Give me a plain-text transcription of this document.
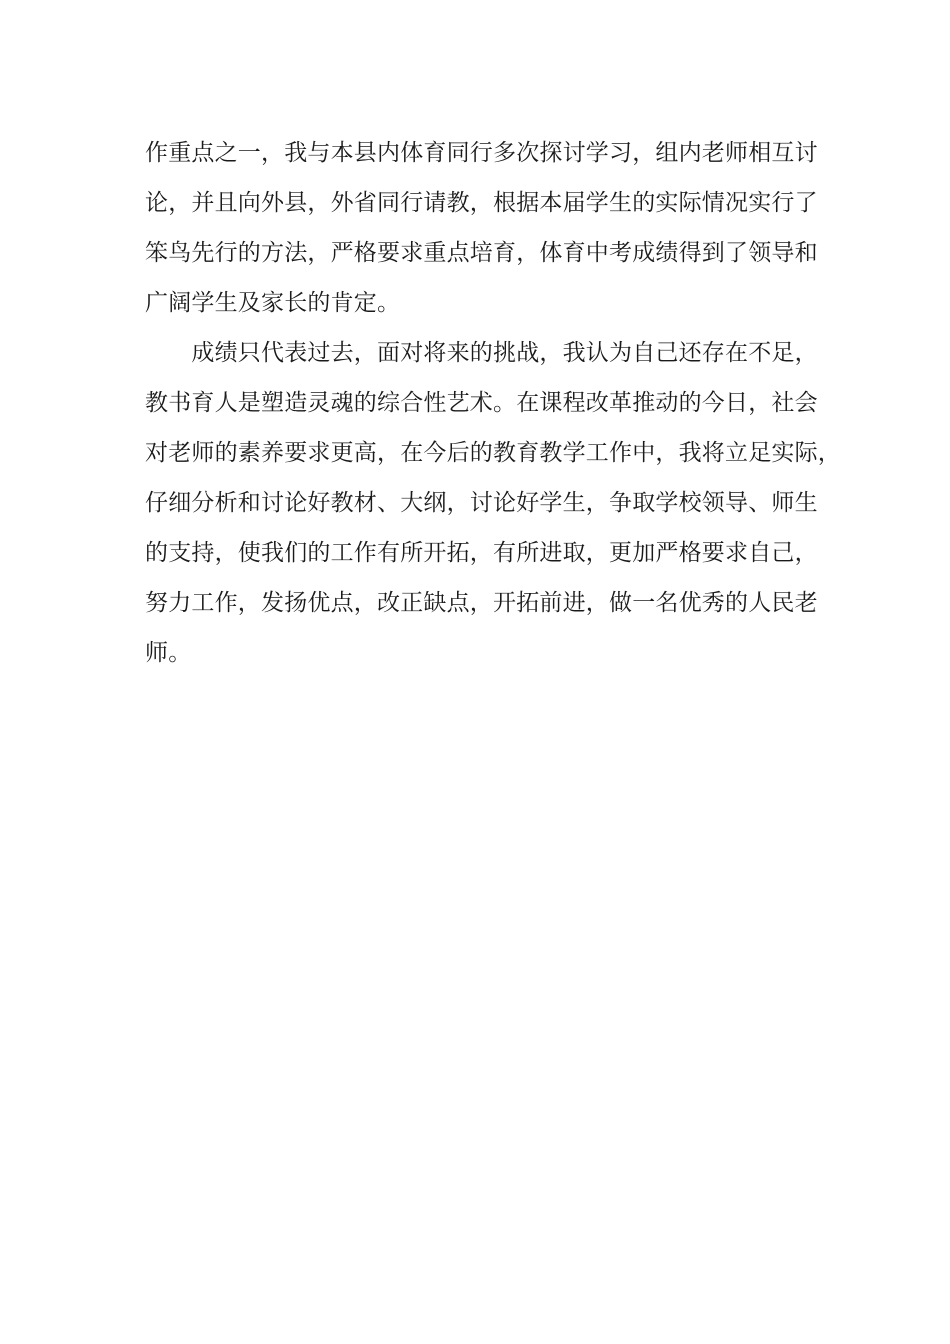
作重点之一，我与本县内体育同行多次探讨学习，组内老师相互讨
论，并且向外县，外省同行请教，根据本届学生的实际情况实行了
笨鸟先行的方法，严格要求重点培育，体育中考成绩得到了领导和
广阔学生及家长的肯定。
　　成绩只代表过去，面对将来的挑战，我认为自己还存在不足，
教书育人是塑造灵魂的综合性艺术。在课程改革推动的今日，社会
对老师的素养要求更高，在今后的教育教学工作中，我将立足实际，
仔细分析和讨论好教材、大纲，讨论好学生，争取学校领导、师生
的支持，使我们的工作有所开拓，有所进取，更加严格要求自己，
努力工作，发扬优点，改正缺点，开拓前进，做一名优秀的人民老
师。
